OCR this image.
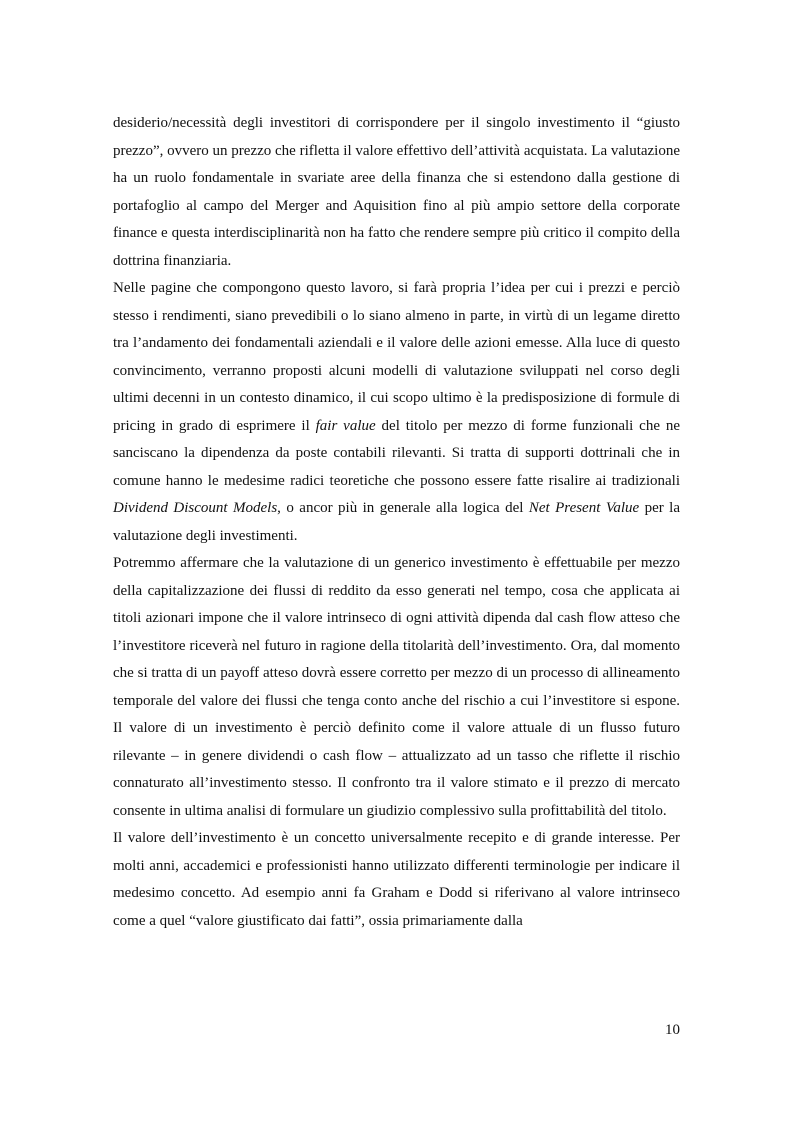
desiderio/necessità degli investitori di corrispondere per il singolo investimento il “giusto prezzo”, ovvero un prezzo che rifletta il valore effettivo dell’attività acquistata. La valutazione ha un ruolo fondamentale in svariate aree della finanza che si estendono dalla gestione di portafoglio al campo del Merger and Aquisition fino al più ampio settore della corporate finance e questa interdisciplinarità non ha fatto che rendere sempre più critico il compito della dottrina finanziaria.

Nelle pagine che compongono questo lavoro, si farà propria l’idea per cui i prezzi e perciò stesso i rendimenti, siano prevedibili o lo siano almeno in parte, in virtù di un legame diretto tra l’andamento dei fondamentali aziendali e il valore delle azioni emesse. Alla luce di questo convincimento, verranno proposti alcuni modelli di valutazione sviluppati nel corso degli ultimi decenni in un contesto dinamico, il cui scopo ultimo è la predisposizione di formule di pricing in grado di esprimere il fair value del titolo per mezzo di forme funzionali che ne sanciscano la dipendenza da poste contabili rilevanti. Si tratta di supporti dottrinali che in comune hanno le medesime radici teoretiche che possono essere fatte risalire ai tradizionali Dividend Discount Models, o ancor più in generale alla logica del Net Present Value per la valutazione degli investimenti.

Potremmo affermare che la valutazione di un generico investimento è effettuabile per mezzo della capitalizzazione dei flussi di reddito da esso generati nel tempo, cosa che applicata ai titoli azionari impone che il valore intrinseco di ogni attività dipenda dal cash flow atteso che l’investitore riceverà nel futuro in ragione della titolarità dell’investimento. Ora, dal momento che si tratta di un payoff atteso dovrà essere corretto per mezzo di un processo di allineamento temporale del valore dei flussi che tenga conto anche del rischio a cui l’investitore si espone. Il valore di un investimento è perciò definito come il valore attuale di un flusso futuro rilevante – in genere dividendi o cash flow – attualizzato ad un tasso che riflette il rischio connaturato all’investimento stesso. Il confronto tra il valore stimato e il prezzo di mercato consente in ultima analisi di formulare un giudizio complessivo sulla profittabilità del titolo.

Il valore dell’investimento è un concetto universalmente recepito e di grande interesse. Per molti anni, accademici e professionisti hanno utilizzato differenti terminologie per indicare il medesimo concetto. Ad esempio anni fa Graham e Dodd si riferivano al valore intrinseco come a quel “valore giustificato dai fatti”, ossia primariamente dalla

10
